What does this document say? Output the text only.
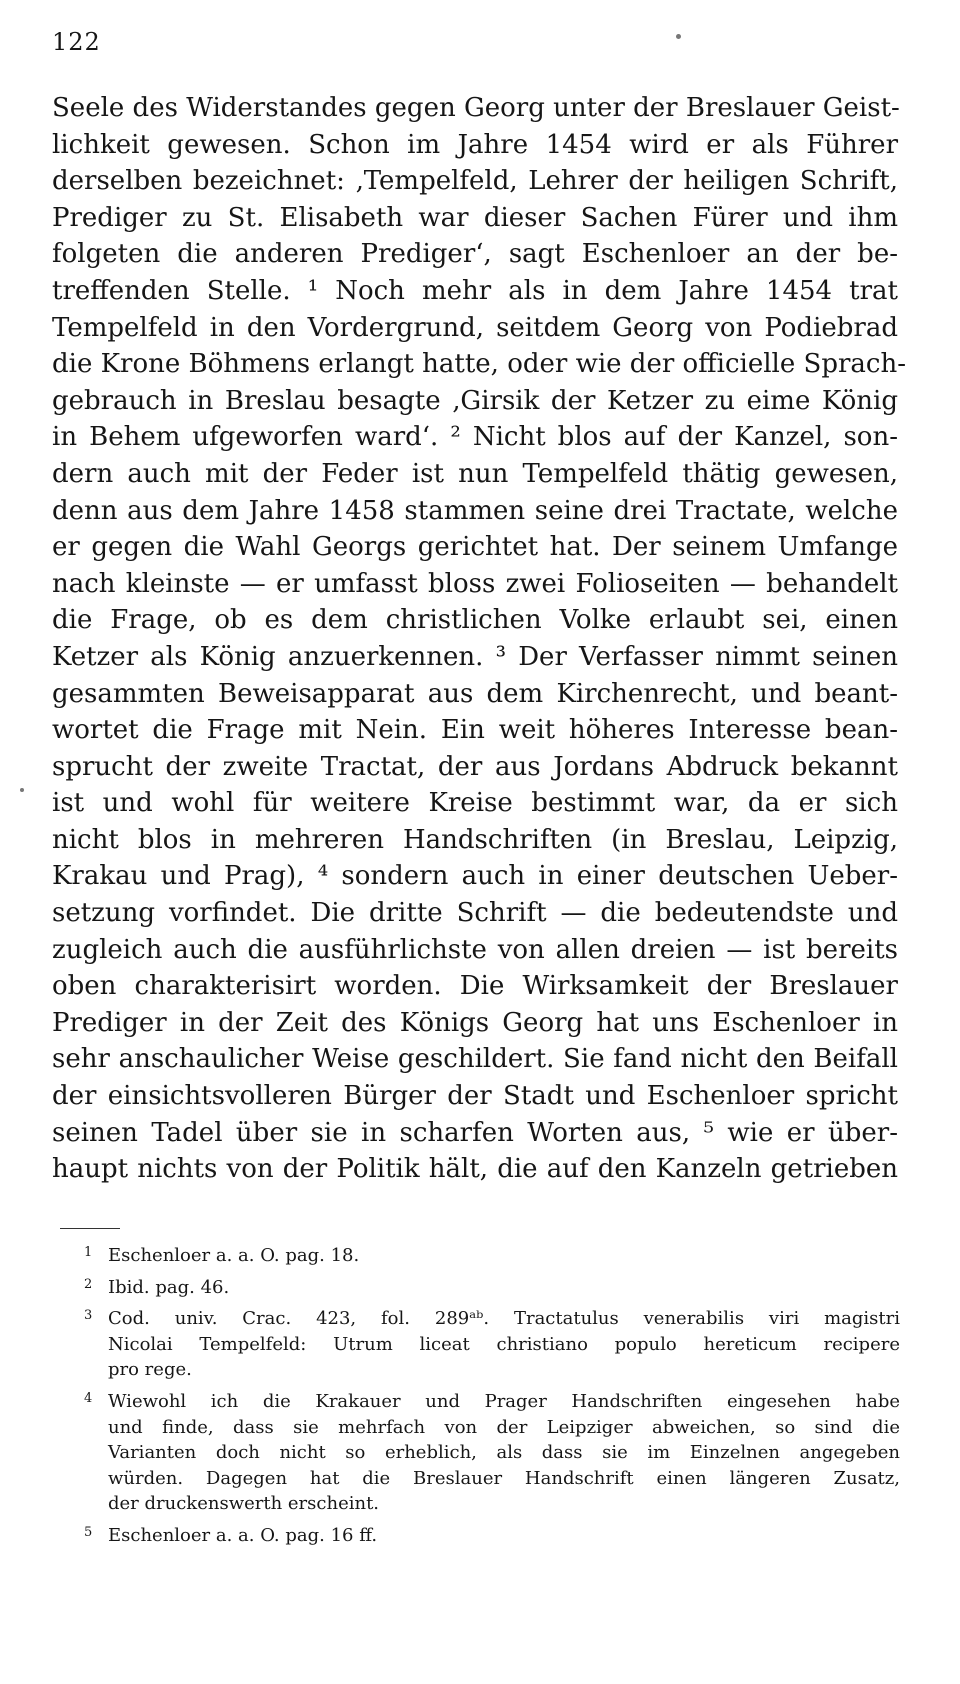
122
Seele des Widerstandes gegen Georg unter der Breslauer Geist-
lichkeit gewesen. Schon im Jahre 1454 wird er als Führer
derselben bezeichnet: ‚Tempelfeld, Lehrer der heiligen Schrift,
Prediger zu St. Elisabeth war dieser Sachen Fürer und ihm
folgeten die anderen Prediger‘, sagt Eschenloer an der be-
treffenden Stelle. ¹ Noch mehr als in dem Jahre 1454 trat
Tempelfeld in den Vordergrund, seitdem Georg von Podiebrad
die Krone Böhmens erlangt hatte, oder wie der officielle Sprach-
gebrauch in Breslau besagte ‚Girsik der Ketzer zu eime König
in Behem ufgeworfen ward‘. ² Nicht blos auf der Kanzel, son-
dern auch mit der Feder ist nun Tempelfeld thätig gewesen,
denn aus dem Jahre 1458 stammen seine drei Tractate, welche
er gegen die Wahl Georgs gerichtet hat. Der seinem Umfange
nach kleinste — er umfasst bloss zwei Folioseiten — behandelt
die Frage, ob es dem christlichen Volke erlaubt sei, einen
Ketzer als König anzuerkennen. ³ Der Verfasser nimmt seinen
gesammten Beweisapparat aus dem Kirchenrecht, und beant-
wortet die Frage mit Nein. Ein weit höheres Interesse bean-
sprucht der zweite Tractat, der aus Jordans Abdruck bekannt
ist und wohl für weitere Kreise bestimmt war, da er sich
nicht blos in mehreren Handschriften (in Breslau, Leipzig,
Krakau und Prag), ⁴ sondern auch in einer deutschen Ueber-
setzung vorfindet. Die dritte Schrift — die bedeutendste und
zugleich auch die ausführlichste von allen dreien — ist bereits
oben charakterisirt worden. Die Wirksamkeit der Breslauer
Prediger in der Zeit des Königs Georg hat uns Eschenloer in
sehr anschaulicher Weise geschildert. Sie fand nicht den Beifall
der einsichtsvolleren Bürger der Stadt und Eschenloer spricht
seinen Tadel über sie in scharfen Worten aus, ⁵ wie er über-
haupt nichts von der Politik hält, die auf den Kanzeln getrieben
1 Eschenloer a. a. O. pag. 18.
2 Ibid. pag. 46.
3 Cod. univ. Crac. 423, fol. 289ᵃᵇ. Tractatulus venerabilis viri magistri
Nicolai Tempelfeld: Utrum liceat christiano populo hereticum recipere
pro rege.
4 Wiewohl ich die Krakauer und Prager Handschriften eingesehen habe
und finde, dass sie mehrfach von der Leipziger abweichen, so sind die
Varianten doch nicht so erheblich, als dass sie im Einzelnen angegeben
würden. Dagegen hat die Breslauer Handschrift einen längeren Zusatz,
der druckenswerth erscheint.
5 Eschenloer a. a. O. pag. 16 ff.
